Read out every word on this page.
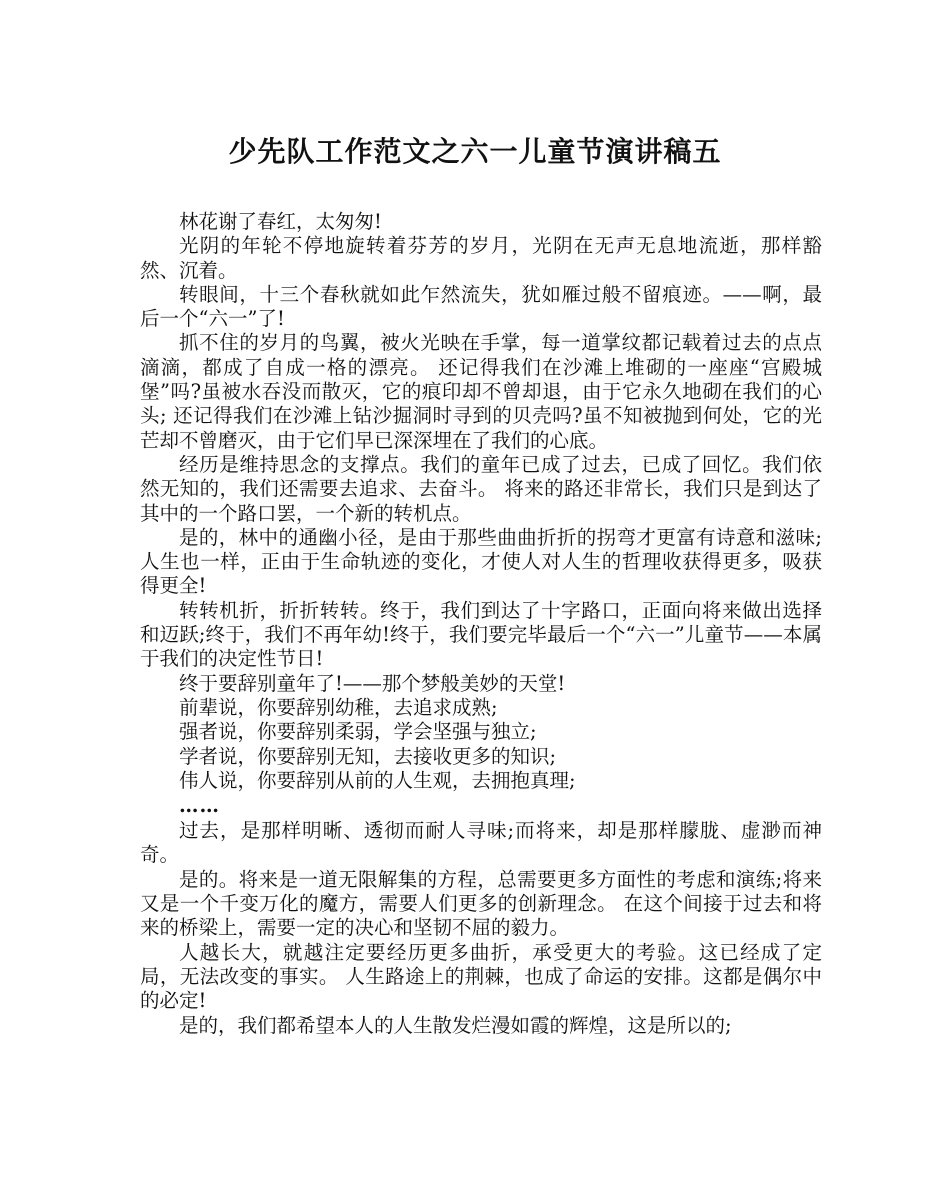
少先队工作范文之六一儿童节演讲稿五

林花谢了春红，太匆匆!

光阴的年轮不停地旋转着芬芳的岁月，光阴在无声无息地流逝，那样豁然、沉着。

转眼间，十三个春秋就如此乍然流失，犹如雁过般不留痕迹。——啊，最后一个“六一”了!

抓不住的岁月的鸟翼，被火光映在手掌，每一道掌纹都记载着过去的点点滴滴，都成了自成一格的漂亮。 还记得我们在沙滩上堆砌的一座座“宫殿城堡”吗?虽被水吞没而散灭，它的痕印却不曾却退，由于它永久地砌在我们的心头; 还记得我们在沙滩上钻沙掘洞时寻到的贝壳吗?虽不知被抛到何处，它的光芒却不曾磨灭，由于它们早已深深埋在了我们的心底。

经历是维持思念的支撑点。我们的童年已成了过去，已成了回忆。我们依然无知的，我们还需要去追求、去奋斗。 将来的路还非常长，我们只是到达了其中的一个路口罢，一个新的转机点。

是的，林中的通幽小径，是由于那些曲曲折折的拐弯才更富有诗意和滋味;人生也一样，正由于生命轨迹的变化，才使人对人生的哲理收获得更多，吸获得更全!

转转机折，折折转转。终于，我们到达了十字路口，正面向将来做出选择和迈跃;终于，我们不再年幼!终于，我们要完毕最后一个“六一”儿童节——本属于我们的决定性节日!

终于要辞别童年了!——那个梦般美妙的天堂!

前辈说，你要辞别幼稚，去追求成熟;

强者说，你要辞别柔弱，学会坚强与独立;

学者说，你要辞别无知，去接收更多的知识;

伟人说，你要辞别从前的人生观，去拥抱真理;

……

过去，是那样明晰、透彻而耐人寻味;而将来，却是那样朦胧、虚渺而神奇。

是的。将来是一道无限解集的方程，总需要更多方面性的考虑和演练;将来又是一个千变万化的魔方，需要人们更多的创新理念。 在这个间接于过去和将来的桥梁上，需要一定的决心和坚韧不屈的毅力。

人越长大，就越注定要经历更多曲折，承受更大的考验。这已经成了定局，无法改变的事实。 人生路途上的荆棘，也成了命运的安排。这都是偶尔中的必定!

是的，我们都希望本人的人生散发烂漫如霞的辉煌，这是所以的;
